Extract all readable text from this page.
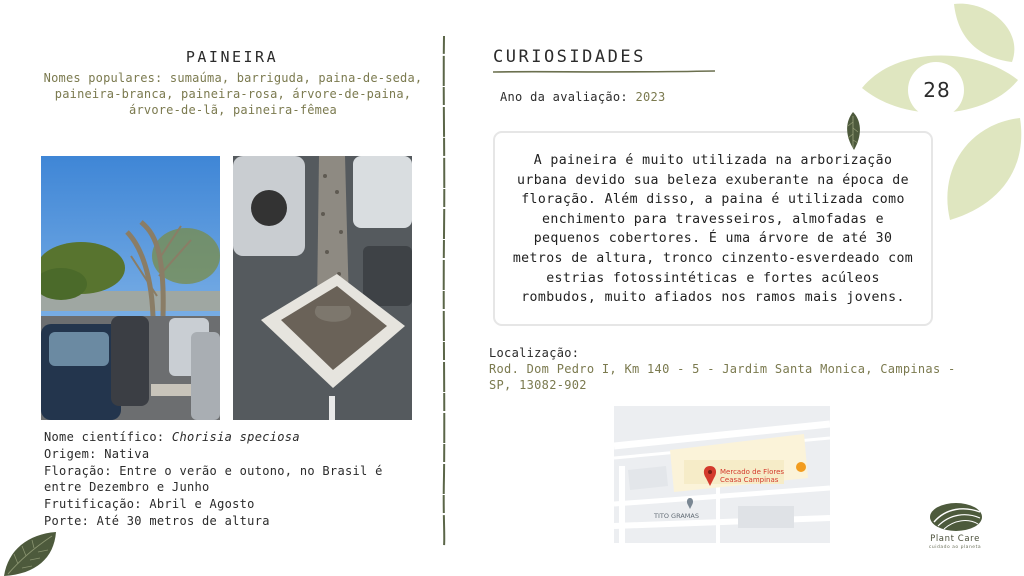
28
PAINEIRA
Nomes populares: sumaúma, barriguda, paina-de-seda, paineira-branca, paineira-rosa, árvore-de-paina, árvore-de-lã, paineira-fêmea
Nome científico: Chorisia speciosa
Origem: Nativa
Floração: Entre o verão e outono, no Brasil é entre Dezembro e Junho
Frutificação: Abril e Agosto
Porte: Até 30 metros de altura
CURIOSIDADES
Ano da avaliação: 2023
A paineira é muito utilizada na arborização urbana devido sua beleza exuberante na época de floração. Além disso, a paina é utilizada como enchimento para travesseiros, almofadas e pequenos cobertores. É uma árvore de até 30 metros de altura, tronco cinzento-esverdeado com estrias fotossintéticas e fortes acúleos rombudos, muito afiados nos ramos mais jovens.
Localização:
Rod. Dom Pedro I, Km 140 - 5 - Jardim Santa Monica, Campinas - SP, 13082-902
Mercado de Flores
Ceasa Campinas
TITO GRAMAS
Plant Care
cuidado ao planeta
